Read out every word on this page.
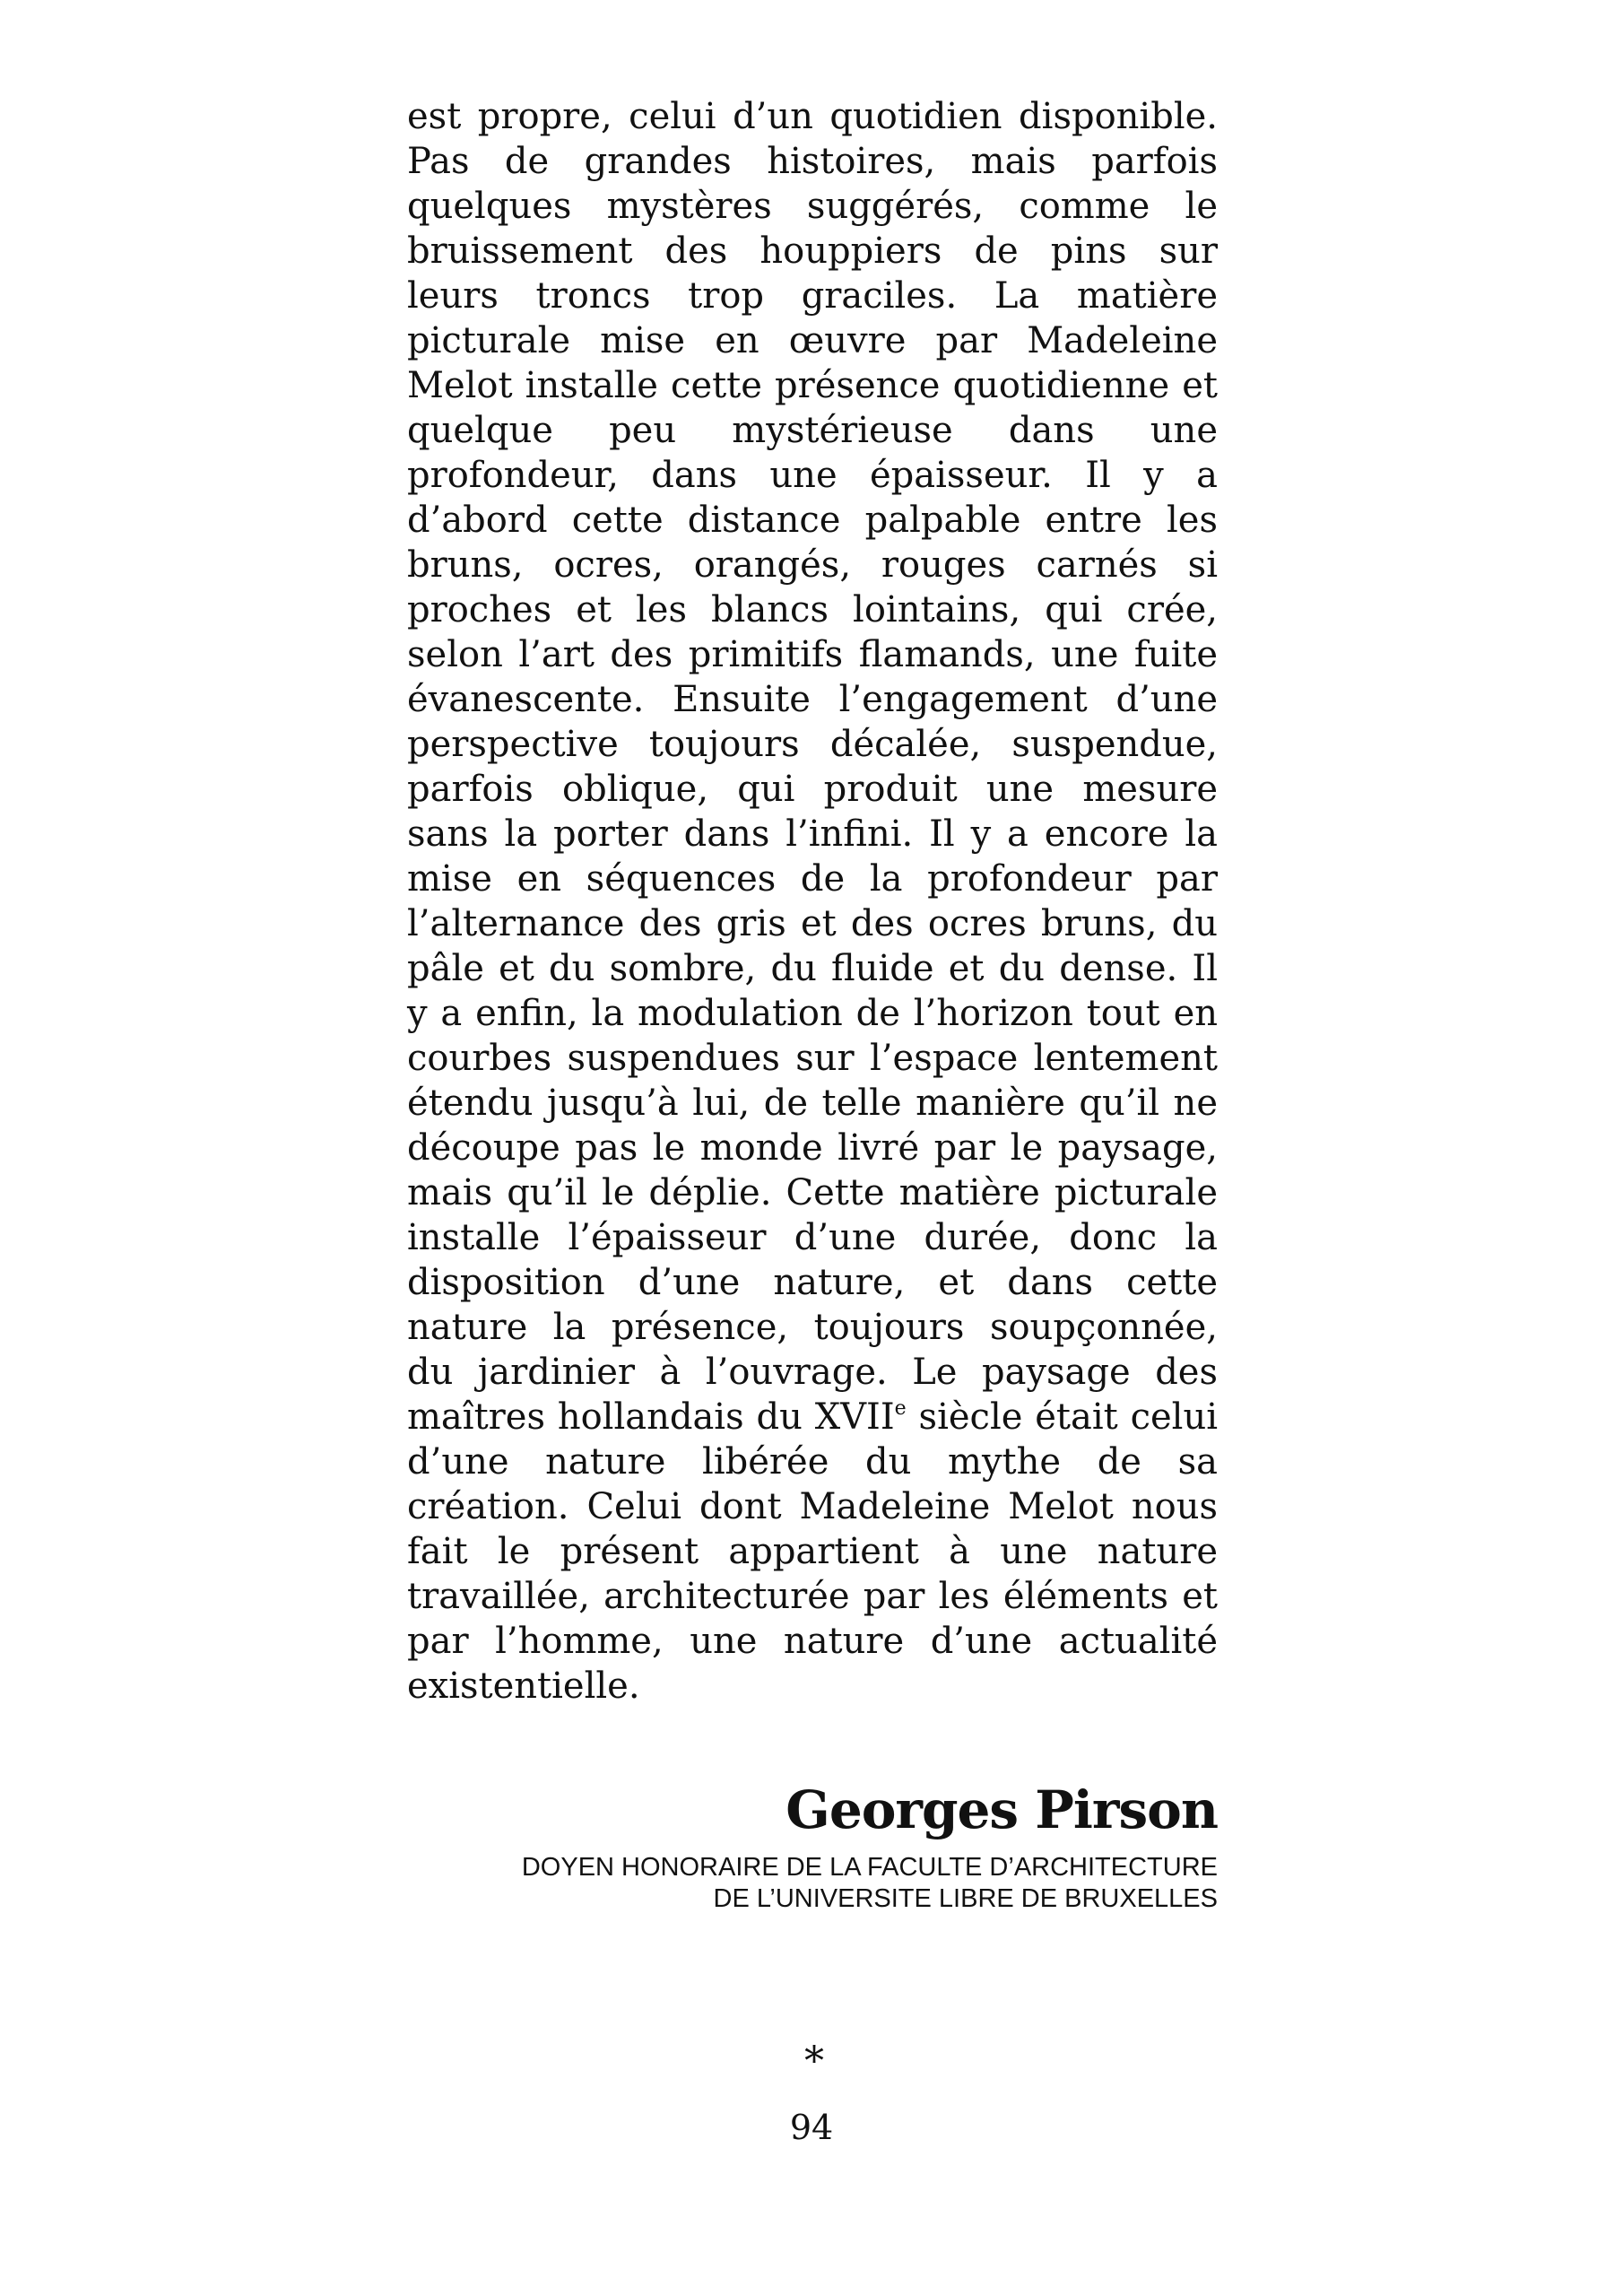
est propre, celui d’un quotidien disponible. Pas de grandes histoires, mais parfois quelques mystères suggérés, comme le bruissement des houppiers de pins sur leurs troncs trop graciles. La matière picturale mise en œuvre par Madeleine Melot installe cette présence quotidienne et quelque peu mystérieuse dans une profondeur, dans une épaisseur. Il y a d’abord cette distance palpable entre les bruns, ocres, orangés, rouges carnés si proches et les blancs lointains, qui crée, selon l’art des primitifs flamands, une fuite évanescente. Ensuite l’engagement d’une perspective toujours décalée, suspendue, parfois oblique, qui produit une mesure sans la porter dans l’infini. Il y a encore la mise en séquences de la profondeur par l’alternance des gris et des ocres bruns, du pâle et du sombre, du fluide et du dense. Il y a enfin, la modulation de l’horizon tout en courbes suspendues sur l’espace lentement étendu jusqu’à lui, de telle manière qu’il ne découpe pas le monde livré par le paysage, mais qu’il le déplie. Cette matière picturale installe l’épaisseur d’une durée, donc la disposition d’une nature, et dans cette nature la présence, toujours soupçonnée, du jardinier à l’ouvrage. Le paysage des maîtres hollandais du XVIIe siècle était celui d’une nature libérée du mythe de sa création. Celui dont Madeleine Melot nous fait le présent appartient à une nature travaillée, architecturée par les éléments et par l’homme, une nature d’une actualité existentielle.

Georges Pirson
DOYEN HONORAIRE DE LA FACULTE D’ARCHITECTURE
DE L’UNIVERSITE LIBRE DE BRUXELLES
*
94
